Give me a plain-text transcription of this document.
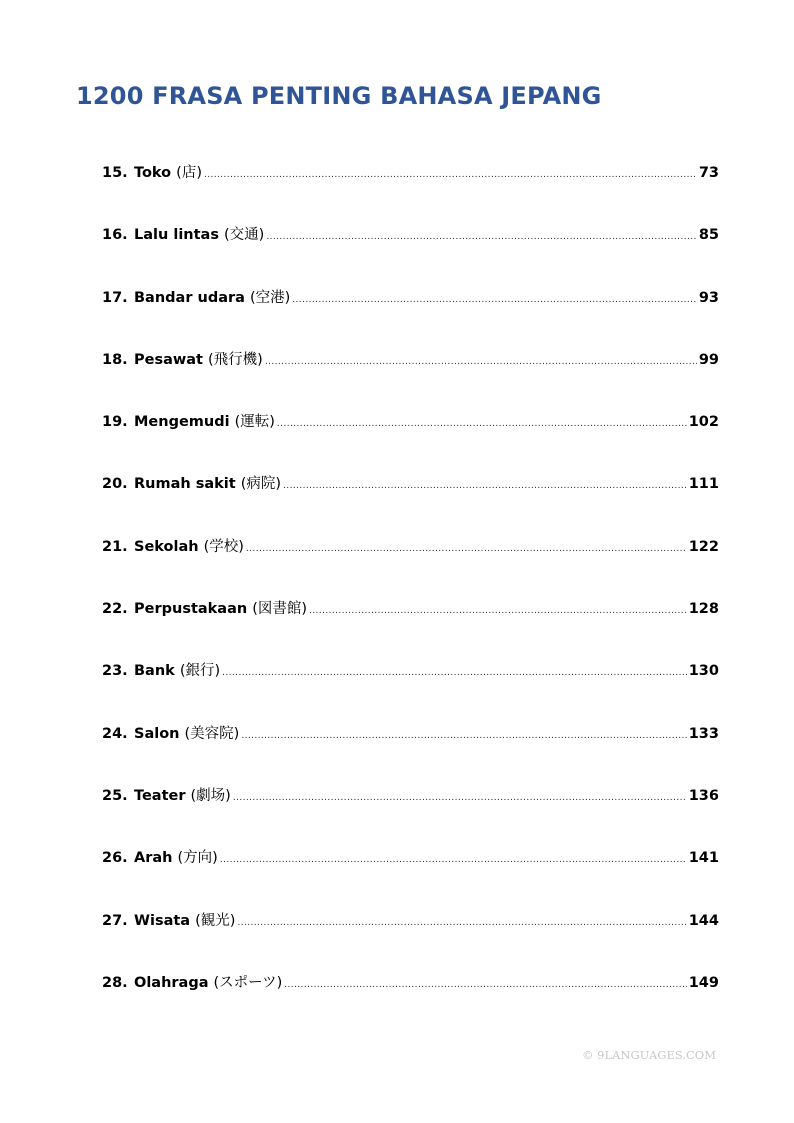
1200 FRASA PENTING BAHASA JEPANG
15. Toko (店) .....	73
16. Lalu lintas (交通) .....	85
17. Bandar udara (空港) .....	93
18. Pesawat (飛行機) .....	99
19. Mengemudi (運転) .....	102
20. Rumah sakit (病院) .....	111
21. Sekolah (学校) .....	122
22. Perpustakaan (図書館) .....	128
23. Bank (銀行) .....	130
24. Salon (美容院) .....	133
25. Teater (劇场) .....	136
26. Arah (方向) .....	141
27. Wisata (観光) .....	144
28. Olahraga (スポーツ) .....	149
© 9LANGUAGES.COM
